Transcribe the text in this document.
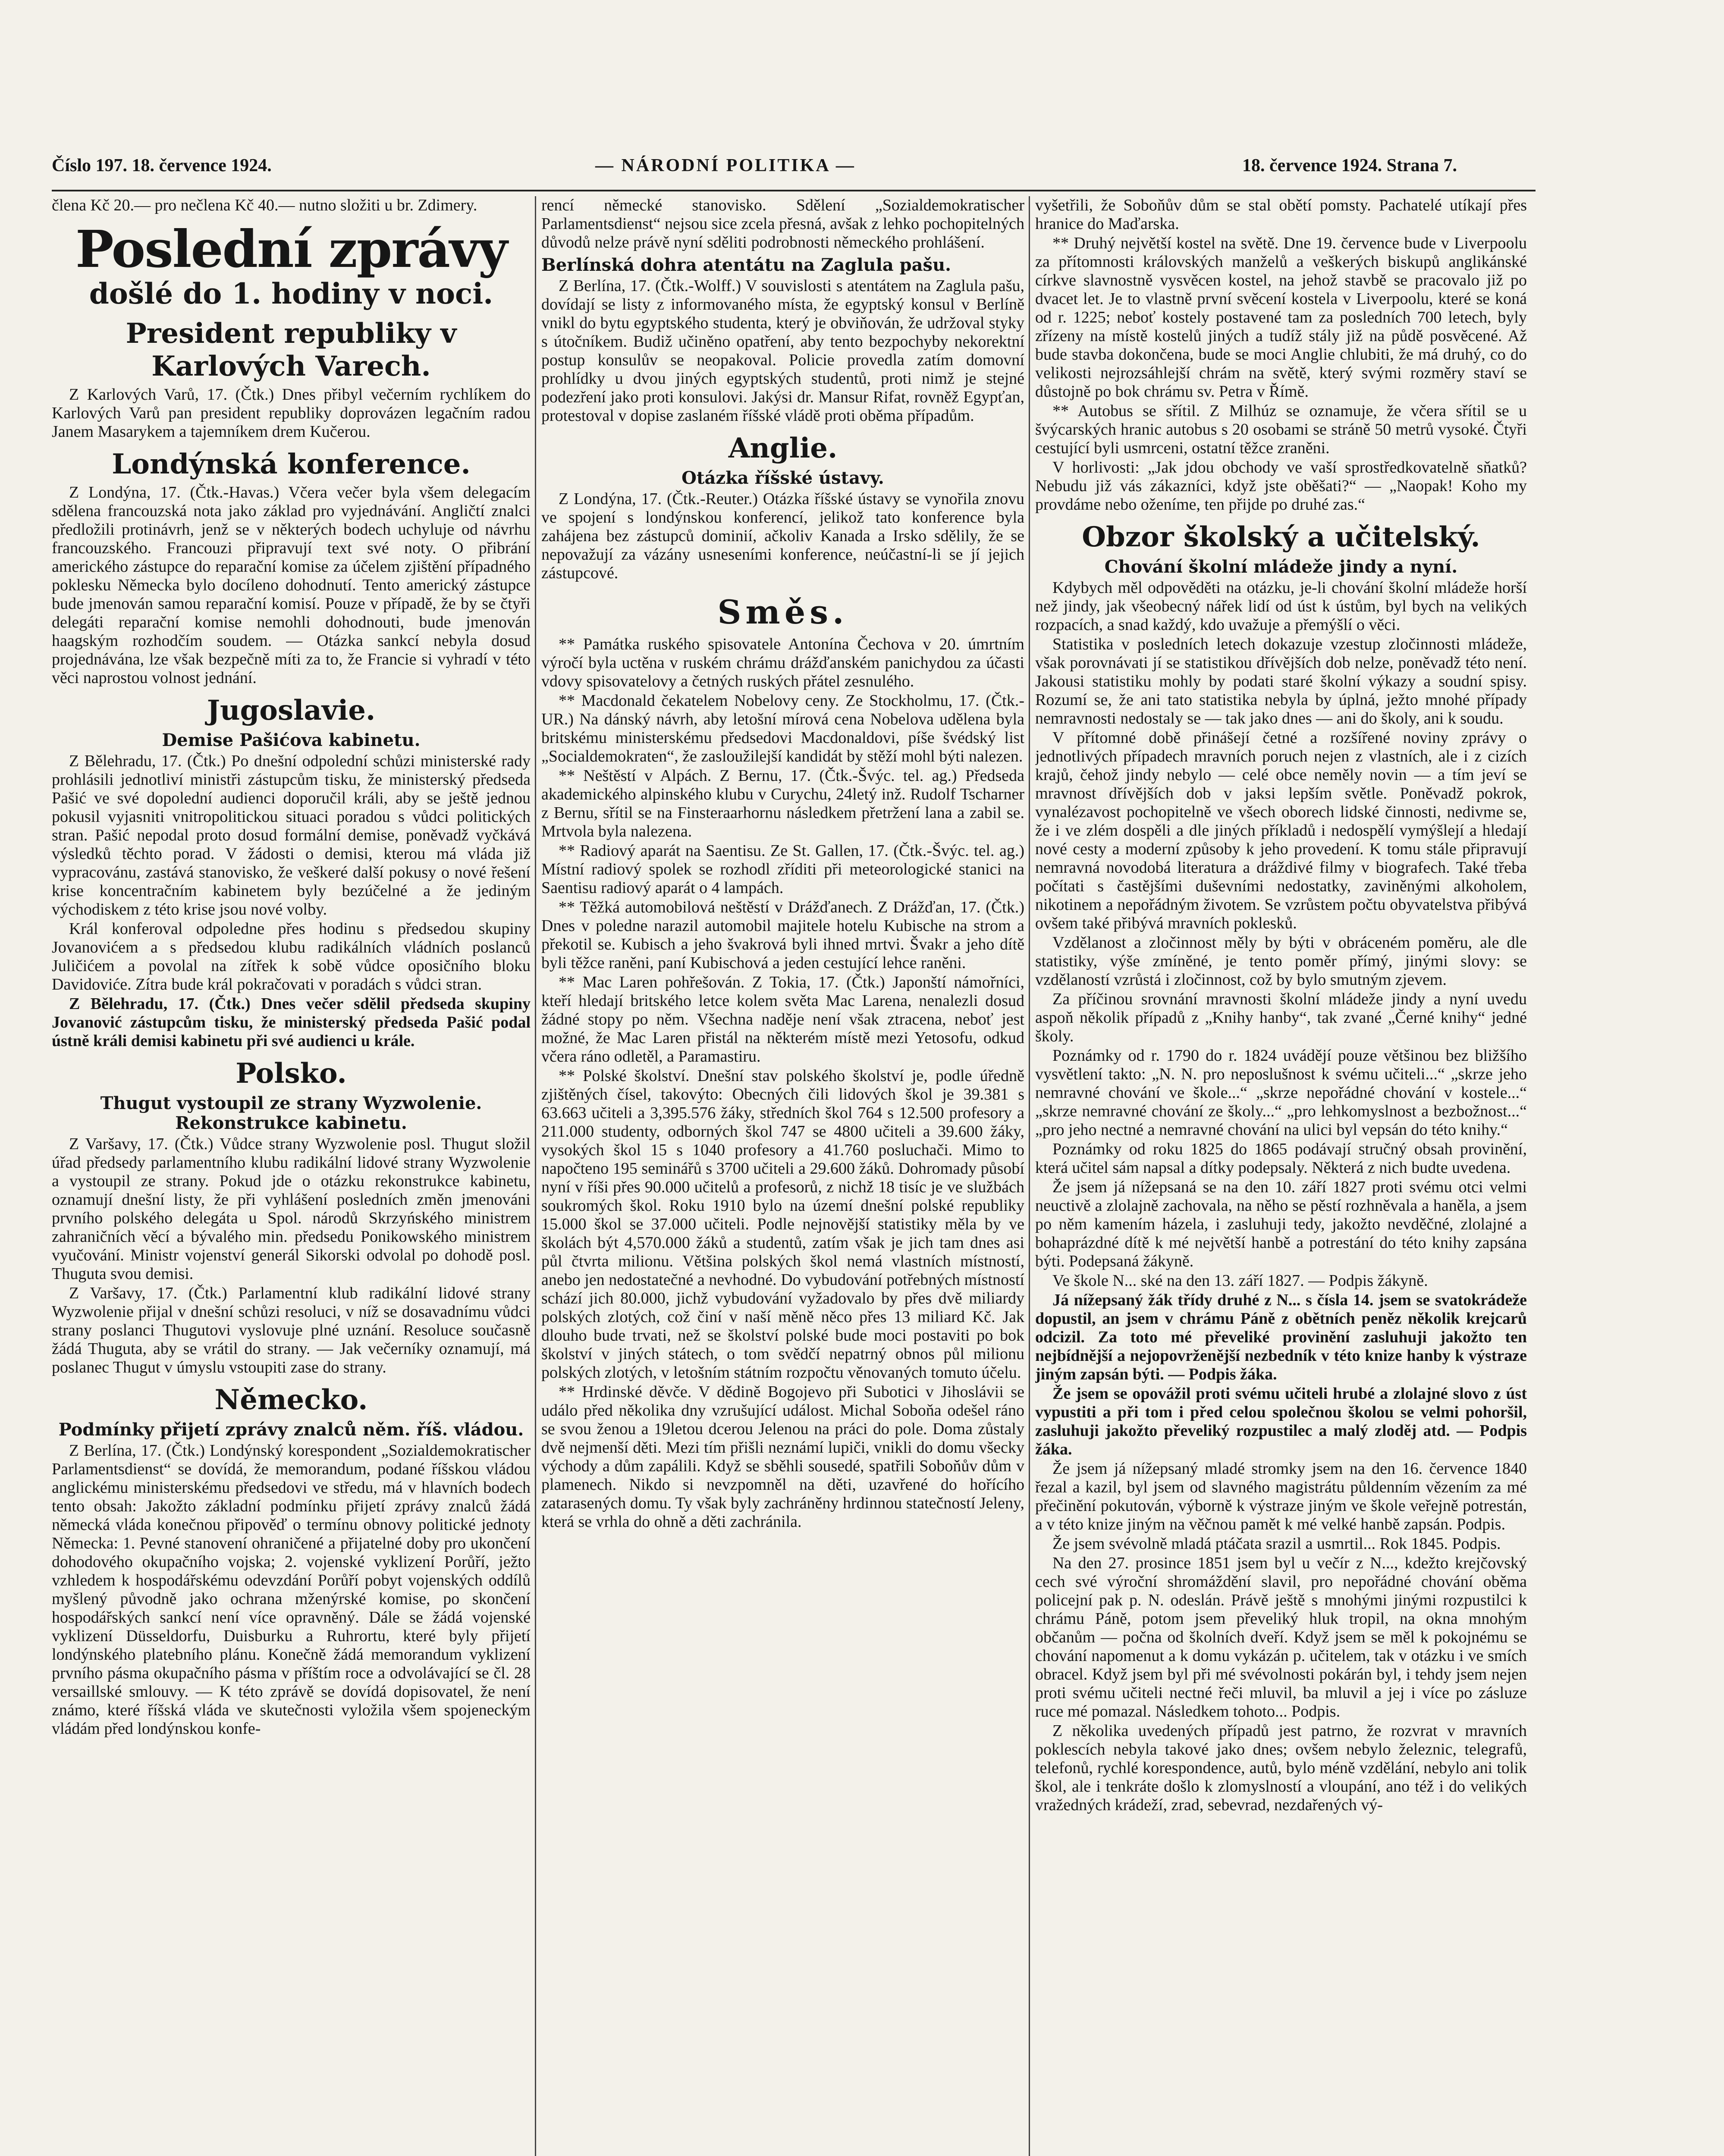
Číslo 197. 18. července 1924.	— NÁRODNÍ POLITIKA —	18. července 1924. Strana 7.

člena Kč 20.— pro nečlena Kč 40.— nutno složiti u br. Zdimery.

Poslední zprávy
došlé do 1. hodiny v noci.
President republiky v Karlových Varech.

Z Karlových Varů, 17. (Čtk.) Dnes přibyl večerním rychlíkem do Karlových Varů pan president republiky doprovázen legačním radou Janem Masarykem a tajemníkem drem Kučerou.

Londýnská konference.

Z Londýna, 17. (Čtk.-Havas.) Včera večer byla všem delegacím sdělena francouzská nota jako základ pro vyjednávání. Angličtí znalci předložili protinávrh, jenž se v některých bodech uchyluje od návrhu francouzského. Francouzi připravují text své noty. O přibrání amerického zástupce do reparační komise za účelem zjištění případného poklesku Německa bylo docíleno dohodnutí. Tento americký zástupce bude jmenován samou reparační komisí. Pouze v případě, že by se čtyři delegáti reparační komise nemohli dohodnouti, bude jmenován haagským rozhodčím soudem. — Otázka sankcí nebyla dosud projednávána, lze však bezpečně míti za to, že Francie si vyhradí v této věci naprostou volnost jednání.

Jugoslavie.
Demise Pašićova kabinetu.

Z Bělehradu, 17. (Čtk.) Po dnešní odpolední schůzi ministerské rady prohlásili jednotliví ministři zástupcům tisku, že ministerský předseda Pašić ve své dopolední audienci doporučil králi, aby se ještě jednou pokusil vyjasniti vnitropolitickou situaci poradou s vůdci politických stran. Pašić nepodal proto dosud formální demise, poněvadž vyčkává výsledků těchto porad. V žádosti o demisi, kterou má vláda již vypracovánu, zastává stanovisko, že veškeré další pokusy o nové řešení krise koncentračním kabinetem byly bezúčelné a že jediným východiskem z této krise jsou nové volby.

Král konferoval odpoledne přes hodinu s předsedou skupiny Jovanovićem a s předsedou klubu radikálních vládních poslanců Juličićem a povolal na zítřek k sobě vůdce oposičního bloku Davidoviće. Zítra bude král pokračovati v poradách s vůdci stran.

Z Bělehradu, 17. (Čtk.) Dnes večer sdělil předseda skupiny Jovanović zástupcům tisku, že ministerský předseda Pašić podal ústně králi demisi kabinetu při své audienci u krále.

Polsko.
Thugut vystoupil ze strany Wyzwolenie. Rekonstrukce kabinetu.

Z Varšavy, 17. (Čtk.) Vůdce strany Wyzwolenie posl. Thugut složil úřad předsedy parlamentního klubu radikální lidové strany Wyzwolenie a vystoupil ze strany. Pokud jde o otázku rekonstrukce kabinetu, oznamují dnešní listy, že při vyhlášení posledních změn jmenováni prvního polského delegáta u Spol. národů Skrzyńského ministrem zahraničních věcí a bývalého min. předsedu Ponikowského ministrem vyučování. Ministr vojenství generál Sikorski odvolal po dohodě posl. Thuguta svou demisi.

Z Varšavy, 17. (Čtk.) Parlamentní klub radikální lidové strany Wyzwolenie přijal v dnešní schůzi resoluci, v níž se dosavadnímu vůdci strany poslanci Thugutovi vyslovuje plné uznání. Resoluce současně žádá Thuguta, aby se vrátil do strany. — Jak večerníky oznamují, má poslanec Thugut v úmyslu vstoupiti zase do strany.

Německo.
Podmínky přijetí zprávy znalců něm. říš. vládou.

Z Berlína, 17. (Čtk.) Londýnský korespondent „Sozialdemokratischer Parlamentsdienst“ se dovídá, že memorandum, podané říšskou vládou anglickému ministerskému předsedovi ve středu, má v hlavních bodech tento obsah: Jakožto základní podmínku přijetí zprávy znalců žádá německá vláda konečnou připověď o termínu obnovy politické jednoty Německa: 1. Pevné stanovení ohraničené a přijatelné doby pro ukončení dohodového okupačního vojska; 2. vojenské vyklizení Porůří, ježto vzhledem k hospodářskému odevzdání Porůří pobyt vojenských oddílů myšlený původně jako ochrana mženýrské komise, po skončení hospodářských sankcí není více opravněný. Dále se žádá vojenské vyklizení Düsseldorfu, Duisburku a Ruhrortu, které byly přijetí londýnského platebního plánu. Konečně žádá memorandum vyklizení prvního pásma okupačního pásma v příštím roce a odvolávající se čl. 28 versaillské smlouvy. — K této zprávě se dovídá dopisovatel, že není známo, které říšská vláda ve skutečnosti vyložila všem spojeneckým vládám před londýnskou konfe-

rencí německé stanovisko. Sdělení „Sozialdemokratischer Parlamentsdienst“ nejsou sice zcela přesná, avšak z lehko pochopitelných důvodů nelze právě nyní sděliti podrobnosti německého prohlášení.

Berlínská dohra atentátu na Zaglula pašu.

Z Berlína, 17. (Čtk.-Wolff.) V souvislosti s atentátem na Zaglula pašu, dovídají se listy z informovaného místa, že egyptský konsul v Berlíně vnikl do bytu egyptského studenta, který je obviňován, že udržoval styky s útočníkem. Budiž učiněno opatření, aby tento bezpochyby nekorektní postup konsulův se neopakoval. Policie provedla zatím domovní prohlídky u dvou jiných egyptských studentů, proti nimž je stejné podezření jako proti konsulovi. Jakýsi dr. Mansur Rifat, rovněž Egypťan, protestoval v dopise zaslaném říšské vládě proti oběma případům.

Anglie.
Otázka říšské ústavy.

Z Londýna, 17. (Čtk.-Reuter.) Otázka říšské ústavy se vynořila znovu ve spojení s londýnskou konferencí, jelikož tato konference byla zahájena bez zástupců dominií, ačkoliv Kanada a Irsko sdělily, že se nepovažují za vázány usneseními konference, neúčastní-li se jí jejich zástupcové.

Směs.

** Památka ruského spisovatele Antonína Čechova v 20. úmrtním výročí byla uctěna v ruském chrámu drážďanském panichydou za účasti vdovy spisovatelovy a četných ruských přátel zesnulého.

** Macdonald čekatelem Nobelovy ceny. Ze Stockholmu, 17. (Čtk.-UR.) Na dánský návrh, aby letošní mírová cena Nobelova udělena byla britskému ministerskému předsedovi Macdonaldovi, píše švédský list „Socialdemokraten“, že zasloužilejší kandidát by stěží mohl býti nalezen.

** Neštěstí v Alpách. Z Bernu, 17. (Čtk.-Švýc. tel. ag.) Předseda akademického alpinského klubu v Curychu, 24letý inž. Rudolf Tscharner z Bernu, sřítil se na Finsteraarhornu následkem přetržení lana a zabil se. Mrtvola byla nalezena.

** Radiový aparát na Saentisu. Ze St. Gallen, 17. (Čtk.-Švýc. tel. ag.) Místní radiový spolek se rozhodl zříditi při meteorologické stanici na Saentisu radiový aparát o 4 lampách.

** Těžká automobilová neštěstí v Drážďanech. Z Drážďan, 17. (Čtk.) Dnes v poledne narazil automobil majitele hotelu Kubische na strom a překotil se. Kubisch a jeho švakrová byli ihned mrtvi. Švakr a jeho dítě byli těžce raněni, paní Kubischová a jeden cestující lehce raněni.

** Mac Laren pohřešován. Z Tokia, 17. (Čtk.) Japonští námořníci, kteří hledají britského letce kolem světa Mac Larena, nenalezli dosud žádné stopy po něm. Všechna naděje není však ztracena, neboť jest možné, že Mac Laren přistál na některém místě mezi Yetosofu, odkud včera ráno odletěl, a Paramastiru.

** Polské školství. Dnešní stav polského školství je, podle úředně zjištěných čísel, takovýto: Obecných čili lidových škol je 39.381 s 63.663 učiteli a 3,395.576 žáky, středních škol 764 s 12.500 profesory a 211.000 studenty, odborných škol 747 se 4800 učiteli a 39.600 žáky, vysokých škol 15 s 1040 profesory a 41.760 posluchači. Mimo to napočteno 195 seminářů s 3700 učiteli a 29.600 žáků. Dohromady působí nyní v říši přes 90.000 učitelů a profesorů, z nichž 18 tisíc je ve službách soukromých škol. Roku 1910 bylo na území dnešní polské republiky 15.000 škol se 37.000 učiteli. Podle nejnovější statistiky měla by ve školách být 4,570.000 žáků a studentů, zatím však je jich tam dnes asi půl čtvrta milionu. Většina polských škol nemá vlastních místností, anebo jen nedostatečné a nevhodné. Do vybudování potřebných místností schází jich 80.000, jichž vybudování vyžadovalo by přes dvě miliardy polských zlotých, což činí v naší měně něco přes 13 miliard Kč. Jak dlouho bude trvati, než se školství polské bude moci postaviti po bok školství v jiných státech, o tom svědčí nepatrný obnos půl milionu polských zlotých, v letošním státním rozpočtu věnovaných tomuto účelu.

** Hrdinské děvče. V dědině Bogojevo při Subotici v Jihoslávii se událo před několika dny vzrušující událost. Michal Soboňa odešel ráno se svou ženou a 19letou dcerou Jelenou na práci do pole. Doma zůstaly dvě nejmenší děti. Mezi tím přišli neznámí lupiči, vnikli do domu všecky východy a dům zapálili. Když se sběhli sousedé, spatřili Soboňův dům v plamenech. Nikdo si nevzpomněl na děti, uzavřené do hořícího zatarasených domu. Ty však byly zachráněny hrdinnou statečností Jeleny, která se vrhla do ohně a děti zachránila.

vyšetřili, že Soboňův dům se stal obětí pomsty. Pachatelé utíkají přes hranice do Maďarska.

** Druhý největší kostel na světě. Dne 19. července bude v Liverpoolu za přítomnosti královských manželů a veškerých biskupů anglikánské církve slavnostně vysvěcen kostel, na jehož stavbě se pracovalo již po dvacet let. Je to vlastně první svěcení kostela v Liverpoolu, které se koná od r. 1225; neboť kostely postavené tam za posledních 700 letech, byly zřízeny na místě kostelů jiných a tudíž stály již na půdě posvěcené. Až bude stavba dokončena, bude se moci Anglie chlubiti, že má druhý, co do velikosti nejrozsáhlejší chrám na světě, který svými rozměry staví se důstojně po bok chrámu sv. Petra v Římě.

** Autobus se sřítil. Z Milhúz se oznamuje, že včera sřítil se u švýcarských hranic autobus s 20 osobami se stráně 50 metrů vysoké. Čtyři cestující byli usmrceni, ostatní těžce zraněni.

V horlivosti: „Jak jdou obchody ve vaší sprostředkovatelně sňatků? Nebudu již vás zákazníci, když jste oběšati?“ — „Naopak! Koho my provdáme nebo oženíme, ten přijde po druhé zas.“

Obzor školský a učitelský.
Chování školní mládeže jindy a nyní.

Kdybych měl odpověděti na otázku, je-li chování školní mládeže horší než jindy, jak všeobecný nářek lidí od úst k ústům, byl bych na velikých rozpacích, a snad každý, kdo uvažuje a přemýšlí o věci.

Statistika v posledních letech dokazuje vzestup zločinnosti mládeže, však porovnávati jí se statistikou dřívějších dob nelze, poněvadž této není. Jakousi statistiku mohly by podati staré školní výkazy a soudní spisy. Rozumí se, že ani tato statistika nebyla by úplná, ježto mnohé případy nemravnosti nedostaly se — tak jako dnes — ani do školy, ani k soudu.

V přítomné době přinášejí četné a rozšířené noviny zprávy o jednotlivých případech mravních poruch nejen z vlastních, ale i z cizích krajů, čehož jindy nebylo — celé obce neměly novin — a tím jeví se mravnost dřívějších dob v jaksi lepším světle. Poněvadž pokrok, vynalézavost pochopitelně ve všech oborech lidské činnosti, nedivme se, že i ve zlém dospěli a dle jiných příkladů i nedospělí vymýšlejí a hledají nové cesty a moderní způsoby k jeho provedení. K tomu stále připravují nemravná novodobá literatura a dráždivé filmy v biografech. Také třeba počítati s častějšími duševními nedostatky, zaviněnými alkoholem, nikotinem a nepořádným životem. Se vzrůstem počtu obyvatelstva přibývá ovšem také přibývá mravních poklesků.

Vzdělanost a zločinnost měly by býti v obráceném poměru, ale dle statistiky, výše zmíněné, je tento poměr přímý, jinými slovy: se vzdělaností vzrůstá i zločinnost, což by bylo smutným zjevem.

Za příčinou srovnání mravnosti školní mládeže jindy a nyní uvedu aspoň několik případů z „Knihy hanby“, tak zvané „Černé knihy“ jedné školy.

Poznámky od r. 1790 do r. 1824 uvádějí pouze většinou bez bližšího vysvětlení takto: „N. N. pro neposlušnost k svému učiteli...“ „skrze jeho nemravné chování ve škole...“ „skrze nepořádné chování v kostele...“ „skrze nemravné chování ze školy...“ „pro lehkomyslnost a bezbožnost...“ „pro jeho nectné a nemravné chování na ulici byl vepsán do této knihy.“

Poznámky od roku 1825 do 1865 podávají stručný obsah provinění, která učitel sám napsal a dítky podepsaly. Některá z nich budte uvedena.

Že jsem já nížepsaná se na den 10. září 1827 proti svému otci velmi neuctivě a zlolajně zachovala, na něho se pěstí rozhněvala a haněla, a jsem po něm kamením házela, i zasluhuji tedy, jakožto nevděčné, zlolajné a bohaprázdné dítě k mé největší hanbě a potrestání do této knihy zapsána býti. Podepsaná žákyně.

Ve škole N... ské na den 13. září 1827. — Podpis žákyně.

Já nížepsaný žák třídy druhé z N... s čísla 14. jsem se svatokrádeže dopustil, an jsem v chrámu Páně z obětních peněz několik krejcarů odcizil. Za toto mé převeliké provinění zasluhuji jakožto ten nejbídnější a nejopovrženější nezbedník v této knize hanby k výstraze jiným zapsán býti. — Podpis žáka.

Že jsem se opovážil proti svému učiteli hrubé a zlolajné slovo z úst vypustiti a při tom i před celou společnou školou se velmi pohoršil, zasluhuji jakožto převeliký rozpustilec a malý zloděj atd. — Podpis žáka.

Že jsem já nížepsaný mladé stromky jsem na den 16. července 1840 řezal a kazil, byl jsem od slavného magistrátu půldenním vězením za mé přečinění pokutován, výborně k výstraze jiným ve škole veřejně potrestán, a v této knize jiným na věčnou pamět k mé velké hanbě zapsán. Podpis.

Že jsem svévolně mladá ptáčata srazil a usmrtil... Rok 1845. Podpis.

Na den 27. prosince 1851 jsem byl u večír z N..., kdežto krejčovský cech své výroční shromáždění slavil, pro nepořádné chování oběma policejní pak p. N. odeslán. Právě ještě s mnohými jinými rozpustilci k chrámu Páně, potom jsem převeliký hluk tropil, na okna mnohým občanům — počna od školních dveří. Když jsem se měl k pokojnému se chování napomenut a k domu vykázán p. učitelem, tak v otázku i ve smích obracel. Když jsem byl při mé svévolnosti pokárán byl, i tehdy jsem nejen proti svému učiteli nectné řeči mluvil, ba mluvil a jej i více po zásluze ruce mé pomazal. Následkem tohoto... Podpis.

Z několika uvedených případů jest patrno, že rozvrat v mravních poklescích nebyla takové jako dnes; ovšem nebylo železnic, telegrafů, telefonů, rychlé korespondence, autů, bylo méně vzdělání, nebylo ani tolik škol, ale i tenkráte došlo k zlomyslností a vloupání, ano též i do velikých vražedných krádeží, zrad, sebevrad, nezdařených vý-
